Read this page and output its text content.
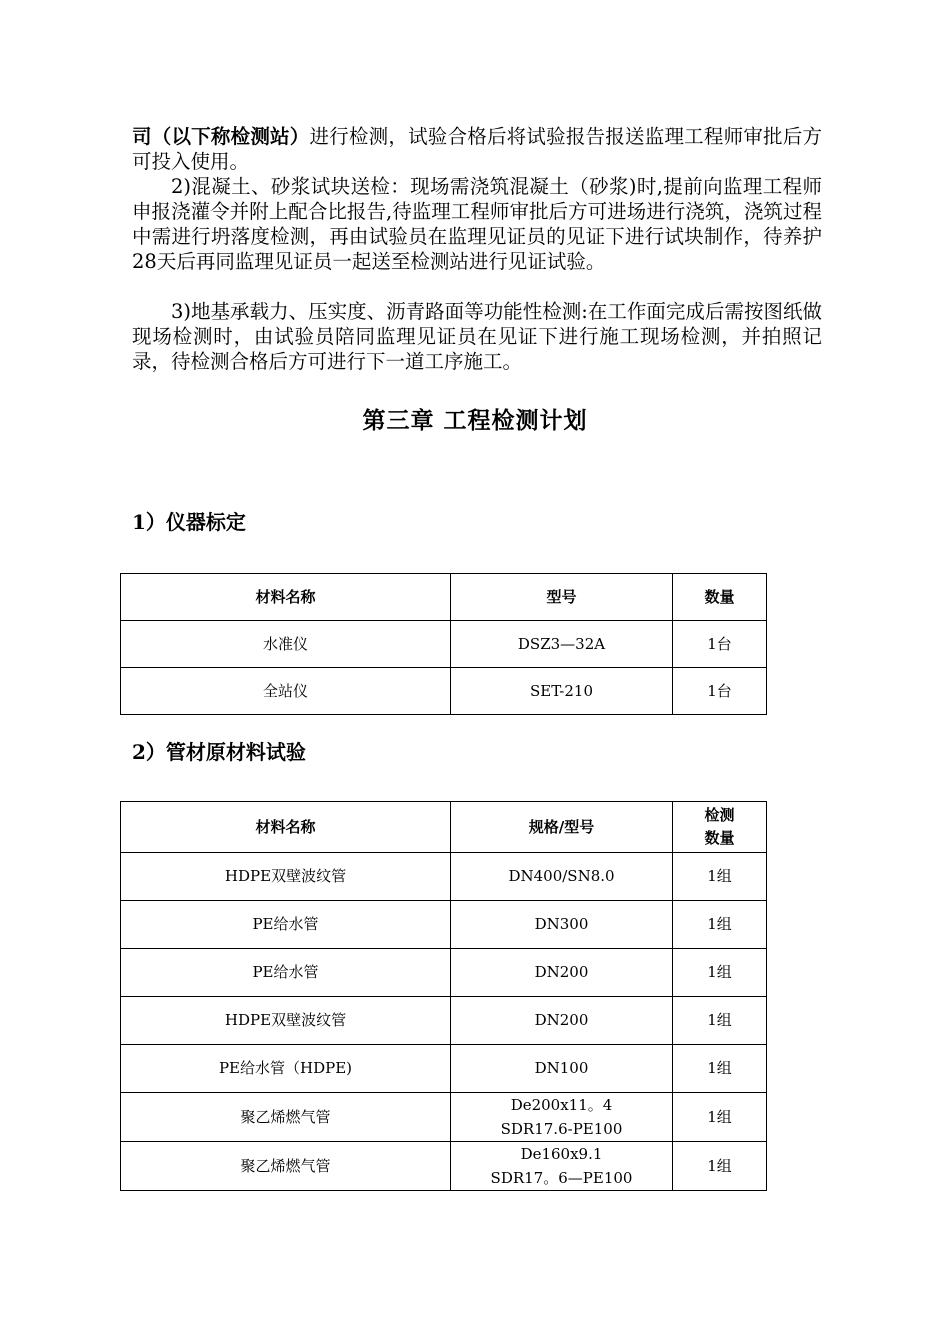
司（以下称检测站）进行检测，试验合格后将试验报告报送监理工程师审批后方可投入使用。

2)混凝土、砂浆试块送检：现场需浇筑混凝土（砂浆)时,提前向监理工程师申报浇灌令并附上配合比报告,待监理工程师审批后方可进场进行浇筑，浇筑过程中需进行坍落度检测，再由试验员在监理见证员的见证下进行试块制作，待养护28天后再同监理见证员一起送至检测站进行见证试验。

3)地基承载力、压实度、沥青路面等功能性检测:在工作面完成后需按图纸做现场检测时，由试验员陪同监理见证员在见证下进行施工现场检测，并拍照记录，待检测合格后方可进行下一道工序施工。

第三章 工程检测计划
1）仪器标定
材料名称	型号	数量
水准仪	DSZ3—32A	1台
全站仪	SET-210	1台
2）管材原材料试验
材料名称	规格/型号	检测
数量

HDPE双壁波纹管	DN400/SN8.0	1组
PE给水管	DN300	1组
PE给水管	DN200	1组
HDPE双壁波纹管	DN200	1组
PE给水管（HDPE)	DN100	1组
聚乙烯燃气管	De200x11。4
SDR17.6-PE100	1组
聚乙烯燃气管	De160x9.1
SDR17。6—PE100	1组
